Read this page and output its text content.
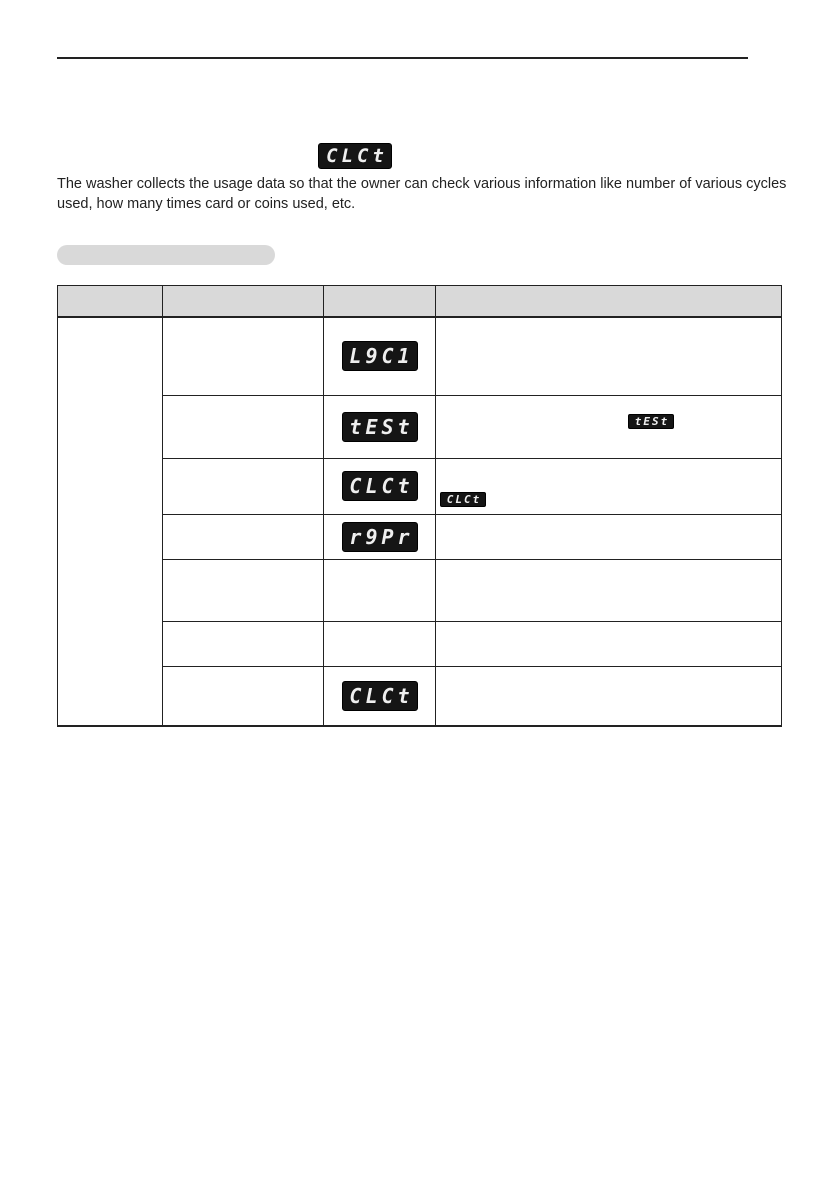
CLCt

The washer collects the usage data so that the owner can check various information like number of various cycles used, how many times card or coins used, etc.

		L9C1	
		tESt	tESt

		CLCt	CLCt

		r9Pr	

		CLCt	
